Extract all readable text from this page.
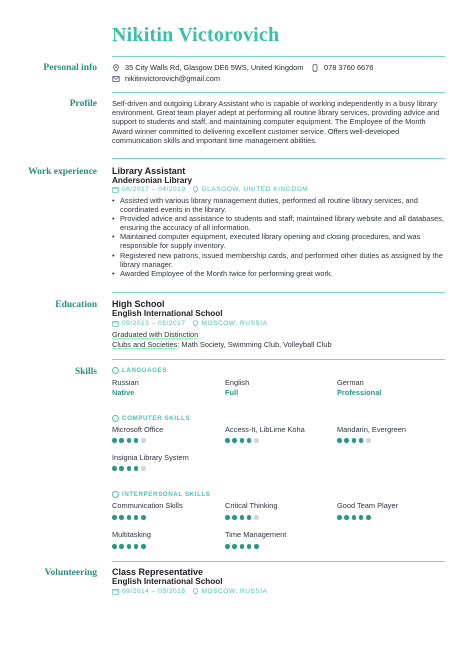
Nikitin Victorovich
Personal info	35 City Walls Rd, Glasgow DE6 5WS, United Kingdom	078 3760 6676
nikitinvictorovich@gmail.com
Profile Self-driven and outgoing Library Assistant who is capable of working independently in a busy library environment. Great team player adept at performing all routine library services, providing advice and support to students and staff, and maintaining computer equipment. The Employee of the Month Award winner committed to delivering excellent customer service. Offers well-developed communication skills and important time management abilities.
Work experience Library Assistant
Andersonian Library
06/2017 – 04/2019 GLASGOW, UNITED KINGDOM
• Assisted with various library management duties, performed all routine library services, and coordinated events in the library.
• Provided advice and assistance to students and staff; maintained library website and all databases, ensuring the accuracy of all information.
• Maintained computer equipment, executed library opening and closing procedures, and was responsible for supply inventory.
• Registered new patrons, issued membership cards, and performed other duties as assigned by the library manager.
• Awarded Employee of the Month twice for performing great work.
Education High School
English International School
09/2013 – 05/2017 MOSCOW, RUSSIA
Graduated with Distinction
Clubs and Societies: Math Society, Swimming Club, Volleyball Club
Skills	LANGUAGES
Russian
Native
English
Full
German
Professional
COMPUTER SKILLS
Microsoft Office	Access-It, LibLime Koha	Mandarin, Evergreen
Insignia Library System
INTERPERSONAL SKILLS
Communication Skills	Critical Thinking	Good Team Player
Multitasking	Time Management
Volunteering Class Representative
English International School
09/2014 – 05/2015 MOSCOW, RUSSIA
